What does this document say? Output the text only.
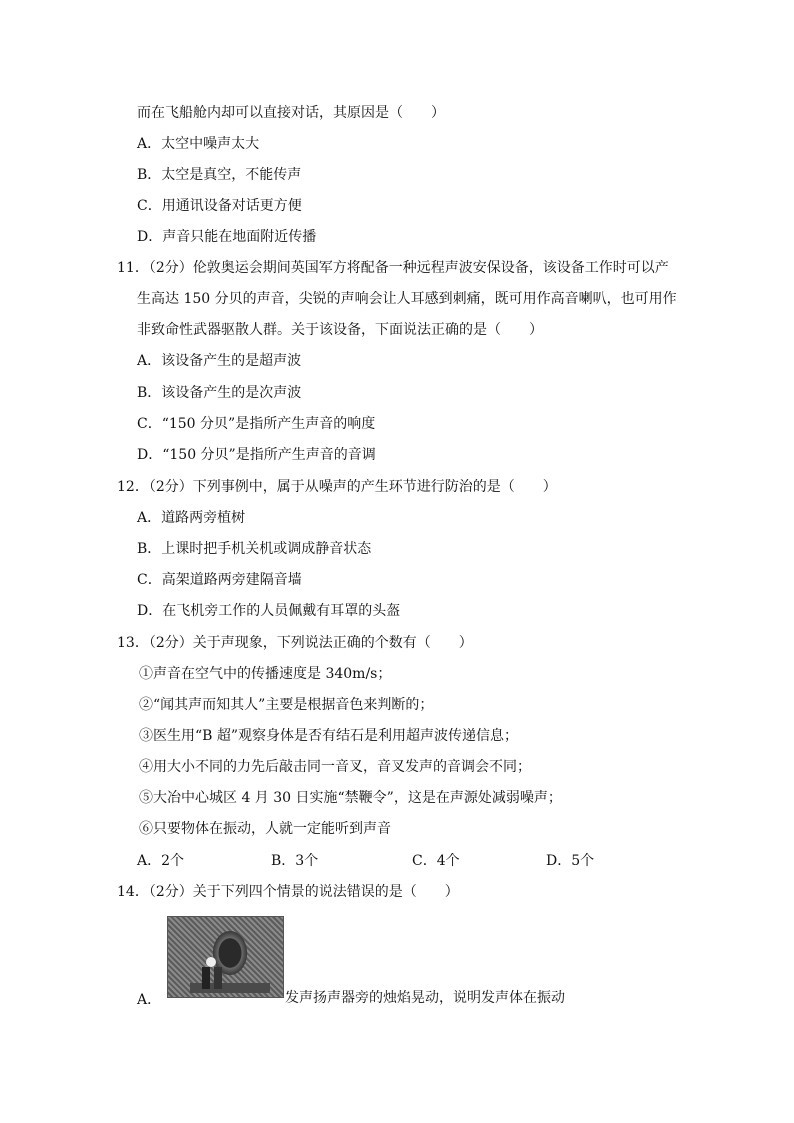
而在飞船舱内却可以直接对话，其原因是（　　）
A．太空中噪声太大
B．太空是真空，不能传声
C．用通讯设备对话更方便
D．声音只能在地面附近传播
11．（2分）伦敦奥运会期间英国军方将配备一种远程声波安保设备，该设备工作时可以产
生高达 150 分贝的声音，尖锐的声响会让人耳感到刺痛，既可用作高音喇叭，也可用作
非致命性武器驱散人群。关于该设备，下面说法正确的是（　　）
A．该设备产生的是超声波
B．该设备产生的是次声波
C．“150 分贝”是指所产生声音的响度
D．“150 分贝”是指所产生声音的音调
12．（2分）下列事例中，属于从噪声的产生环节进行防治的是（　　）
A．道路两旁植树
B．上课时把手机关机或调成静音状态
C．高架道路两旁建隔音墙
D．在飞机旁工作的人员佩戴有耳罩的头盔
13．（2分）关于声现象，下列说法正确的个数有（　　）
①声音在空气中的传播速度是 340m/s；
②“闻其声而知其人”主要是根据音色来判断的；
③医生用“B 超”观察身体是否有结石是利用超声波传递信息；
④用大小不同的力先后敲击同一音叉，音叉发声的音调会不同；
⑤大冶中心城区 4 月 30 日实施“禁鞭令”，这是在声源处减弱噪声；
⑥只要物体在振动，人就一定能听到声音
A．2个	B．3个	C．4个	D．5个
14．（2分）关于下列四个情景的说法错误的是（　　）
A．	发声扬声器旁的烛焰晃动，说明发声体在振动
